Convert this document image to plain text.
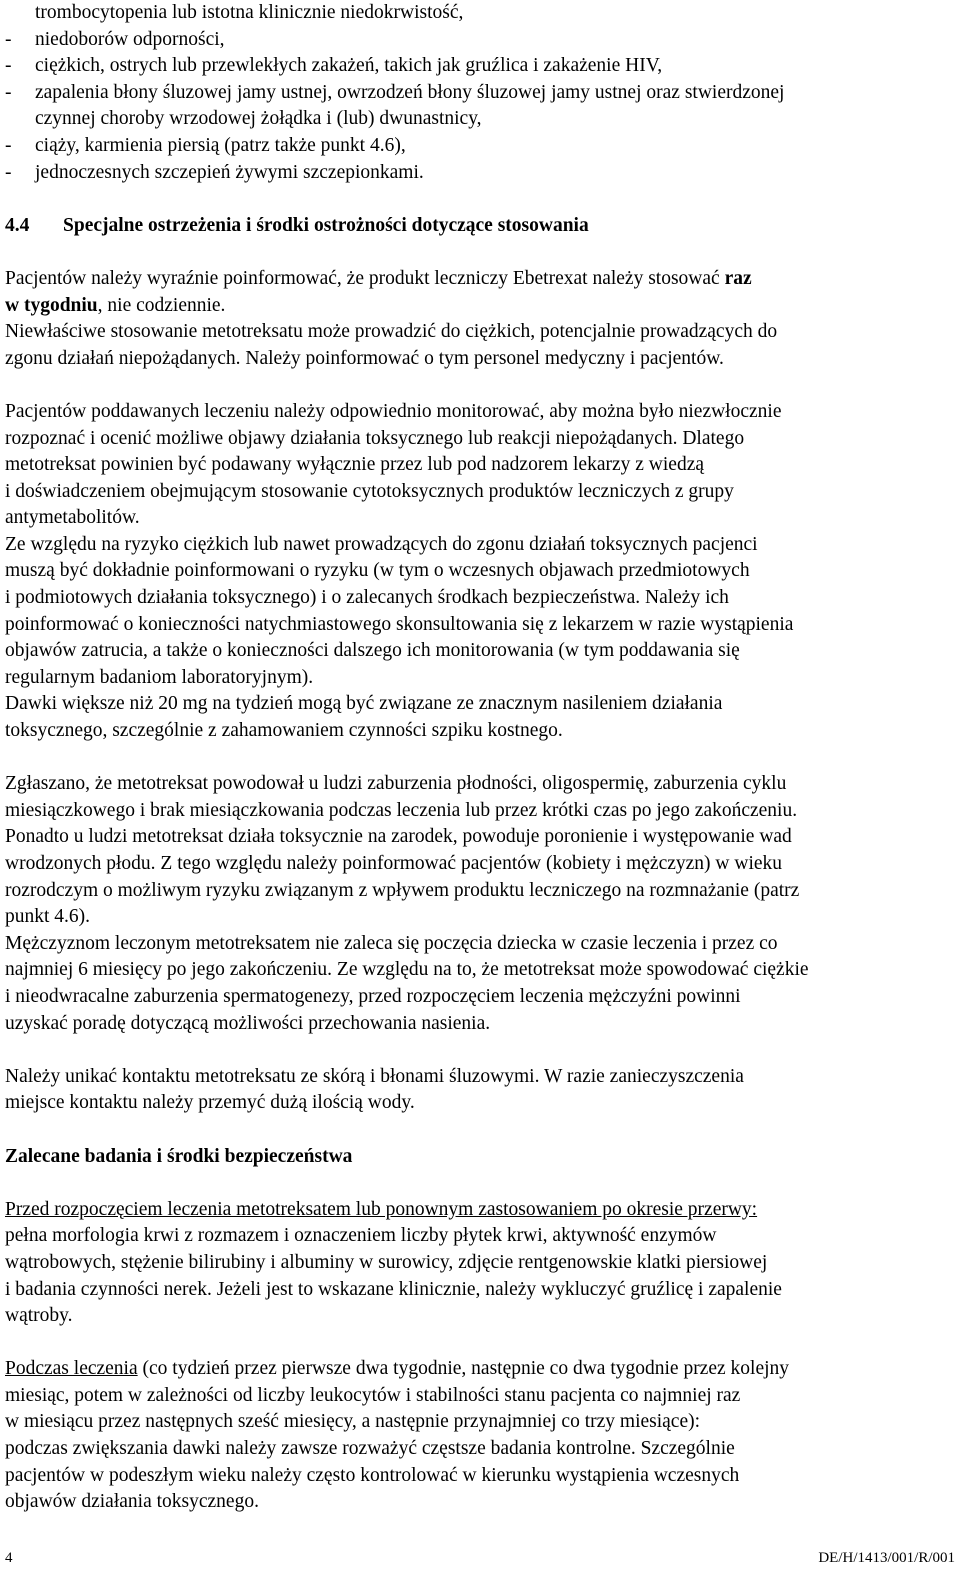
trombocytopenia lub istotna klinicznie niedokrwistość,

-	niedoborów odporności,
-	ciężkich, ostrych lub przewlekłych zakażeń, takich jak gruźlica i zakażenie HIV,
-	zapalenia błony śluzowej jamy ustnej, owrzodzeń błony śluzowej jamy ustnej oraz stwierdzonej

czynnej choroby wrzodowej żołądka i (lub) dwunastnicy,

-	ciąży, karmienia piersią (patrz także punkt 4.6),
-	jednoczesnych szczepień żywymi szczepionkami.
4.4	Specjalne ostrzeżenia i środki ostrożności dotyczące stosowania

Pacjentów należy wyraźnie poinformować, że produkt leczniczy Ebetrexat należy stosować raz

w tygodniu, nie codziennie.

Niewłaściwe stosowanie metotreksatu może prowadzić do ciężkich, potencjalnie prowadzących do

zgonu działań niepożądanych. Należy poinformować o tym personel medyczny i pacjentów.

Pacjentów poddawanych leczeniu należy odpowiednio monitorować, aby można było niezwłocznie

rozpoznać i ocenić możliwe objawy działania toksycznego lub reakcji niepożądanych. Dlatego

metotreksat powinien być podawany wyłącznie przez lub pod nadzorem lekarzy z wiedzą

i doświadczeniem obejmującym stosowanie cytotoksycznych produktów leczniczych z grupy

antymetabolitów.

Ze względu na ryzyko ciężkich lub nawet prowadzących do zgonu działań toksycznych pacjenci

muszą być dokładnie poinformowani o ryzyku (w tym o wczesnych objawach przedmiotowych

i podmiotowych działania toksycznego) i o zalecanych środkach bezpieczeństwa. Należy ich

poinformować o konieczności natychmiastowego skonsultowania się z lekarzem w razie wystąpienia

objawów zatrucia, a także o konieczności dalszego ich monitorowania (w tym poddawania się

regularnym badaniom laboratoryjnym).

Dawki większe niż 20 mg na tydzień mogą być związane ze znacznym nasileniem działania

toksycznego, szczególnie z zahamowaniem czynności szpiku kostnego.

Zgłaszano, że metotreksat powodował u ludzi zaburzenia płodności, oligospermię, zaburzenia cyklu

miesiączkowego i brak miesiączkowania podczas leczenia lub przez krótki czas po jego zakończeniu.

Ponadto u ludzi metotreksat działa toksycznie na zarodek, powoduje poronienie i występowanie wad

wrodzonych płodu. Z tego względu należy poinformować pacjentów (kobiety i mężczyzn) w wieku

rozrodczym o możliwym ryzyku związanym z wpływem produktu leczniczego na rozmnażanie (patrz

punkt 4.6).

Mężczyznom leczonym metotreksatem nie zaleca się poczęcia dziecka w czasie leczenia i przez co

najmniej 6 miesięcy po jego zakończeniu. Ze względu na to, że metotreksat może spowodować ciężkie

i nieodwracalne zaburzenia spermatogenezy, przed rozpoczęciem leczenia mężczyźni powinni

uzyskać poradę dotyczącą możliwości przechowania nasienia.

Należy unikać kontaktu metotreksatu ze skórą i błonami śluzowymi. W razie zanieczyszczenia

miejsce kontaktu należy przemyć dużą ilością wody.

Zalecane badania i środki bezpieczeństwa

Przed rozpoczęciem leczenia metotreksatem lub ponownym zastosowaniem po okresie przerwy:

pełna morfologia krwi z rozmazem i oznaczeniem liczby płytek krwi, aktywność enzymów

wątrobowych, stężenie bilirubiny i albuminy w surowicy, zdjęcie rentgenowskie klatki piersiowej

i badania czynności nerek. Jeżeli jest to wskazane klinicznie, należy wykluczyć gruźlicę i zapalenie

wątroby.

Podczas leczenia (co tydzień przez pierwsze dwa tygodnie, następnie co dwa tygodnie przez kolejny

miesiąc, potem w zależności od liczby leukocytów i stabilności stanu pacjenta co najmniej raz

w miesiącu przez następnych sześć miesięcy, a następnie przynajmniej co trzy miesiące):

podczas zwiększania dawki należy zawsze rozważyć częstsze badania kontrolne. Szczególnie

pacjentów w podeszłym wieku należy często kontrolować w kierunku wystąpienia wczesnych

objawów działania toksycznego.

4	DE/H/1413/001/R/001
